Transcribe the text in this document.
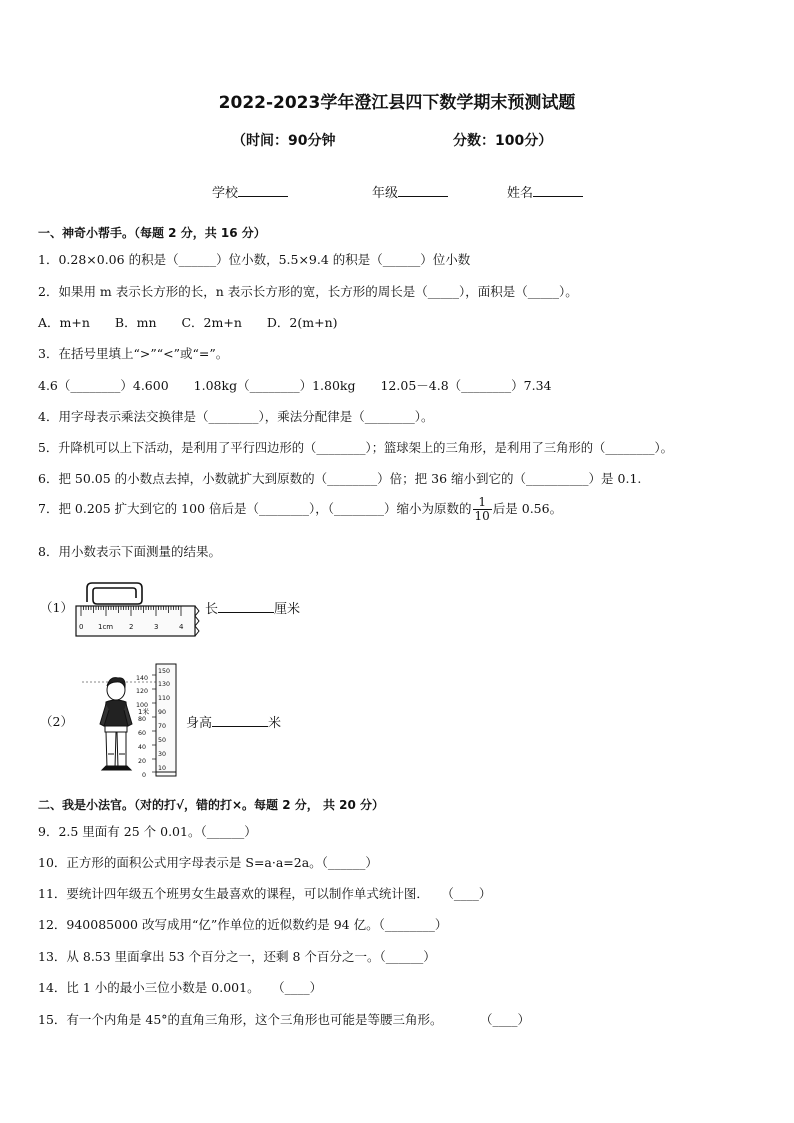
2022-2023学年澄江县四下数学期末预测试题
（时间：90分钟	分数：100分）
学校	年级	姓名
一、神奇小帮手。（每题 2 分，共 16 分）
1．0.28×0.06 的积是（______）位小数，5.5×9.4 的积是（______）位小数
2．如果用 m 表示长方形的长，n 表示长方形的宽，长方形的周长是（_____），面积是（_____）。
A．m+n　　B．mn　　C．2m+n　　D．2(m+n)
3．在括号里填上“>”“<”或“=”。
4.6（________）4.600　　1.08kg（________）1.80kg　　12.05－4.8（________）7.34
4．用字母表示乘法交换律是（________），乘法分配律是（________）。
5．升降机可以上下活动，是利用了平行四边形的（________）；篮球架上的三角形，是利用了三角形的（________）。
6．把 50.05 的小数点去掉，小数就扩大到原数的（________）倍；把 36 缩小到它的（__________）是 0.1.
7．把 0.205 扩大到它的 100 倍后是（________），（________）缩小为原数的 $\frac{1}{10}$ 后是 0.56。
8．用小数表示下面测量的结果。
（1）
0 1cm 2	3	4
长	厘米
（2）
150
140
130
120
110
100
90
80
70
60
50
40
30
20
10
0
1米
身高	米
二、我是小法官。（对的打√，错的打×。每题 2 分， 共 20 分）
9．2.5 里面有 25 个 0.01。（______）
10．正方形的面积公式用字母表示是 S=a·a=2a。（______）
11．要统计四年级五个班男女生最喜欢的课程，可以制作单式统计图．　　（____）
12．940085000 改写成用“亿”作单位的近似数约是 94 亿。（________）
13．从 8.53 里面拿出 53 个百分之一，还剩 8 个百分之一。（______）
14．比 1 小的最小三位小数是 0.001。　　（____）
15．有一个内角是 45°的直角三角形，这个三角形也可能是等腰三角形。　　　　（____）
